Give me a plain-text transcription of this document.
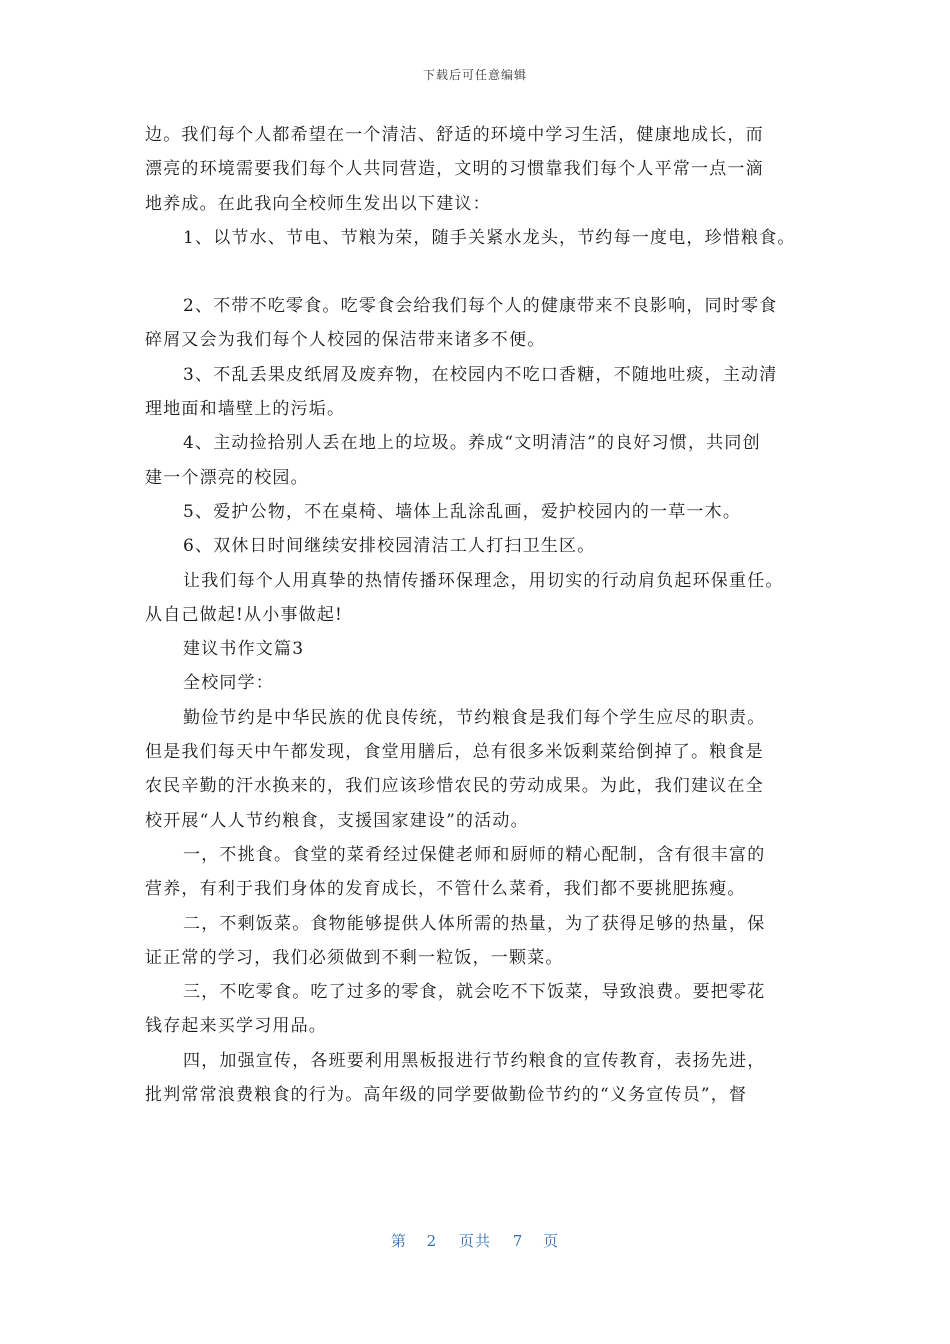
下载后可任意编辑

边。我们每个人都希望在一个清洁、舒适的环境中学习生活，健康地成长，而

漂亮的环境需要我们每个人共同营造，文明的习惯靠我们每个人平常一点一滴

地养成。在此我向全校师生发出以下建议：

1、以节水、节电、节粮为荣，随手关紧水龙头，节约每一度电，珍惜粮食。

2、不带不吃零食。吃零食会给我们每个人的健康带来不良影响，同时零食

碎屑又会为我们每个人校园的保洁带来诸多不便。

3、不乱丢果皮纸屑及废弃物，在校园内不吃口香糖，不随地吐痰，主动清

理地面和墙壁上的污垢。

4、主动捡拾别人丢在地上的垃圾。养成“文明清洁”的良好习惯，共同创

建一个漂亮的校园。

5、爱护公物，不在桌椅、墙体上乱涂乱画，爱护校园内的一草一木。

6、双休日时间继续安排校园清洁工人打扫卫生区。

让我们每个人用真挚的热情传播环保理念，用切实的行动肩负起环保重任。

从自己做起!从小事做起!

建议书作文篇3

全校同学：

勤俭节约是中华民族的优良传统，节约粮食是我们每个学生应尽的职责。

但是我们每天中午都发现，食堂用膳后，总有很多米饭剩菜给倒掉了。粮食是

农民辛勤的汗水换来的，我们应该珍惜农民的劳动成果。为此，我们建议在全

校开展“人人节约粮食，支援国家建设”的活动。

一，不挑食。食堂的菜肴经过保健老师和厨师的精心配制，含有很丰富的

营养，有利于我们身体的发育成长，不管什么菜肴，我们都不要挑肥拣瘦。

二，不剩饭菜。食物能够提供人体所需的热量，为了获得足够的热量，保

证正常的学习，我们必须做到不剩一粒饭，一颗菜。

三，不吃零食。吃了过多的零食，就会吃不下饭菜，导致浪费。要把零花

钱存起来买学习用品。

四，加强宣传，各班要利用黑板报进行节约粮食的宣传教育，表扬先进，

批判常常浪费粮食的行为。高年级的同学要做勤俭节约的“义务宣传员”，督

第 2 页共 7 页
